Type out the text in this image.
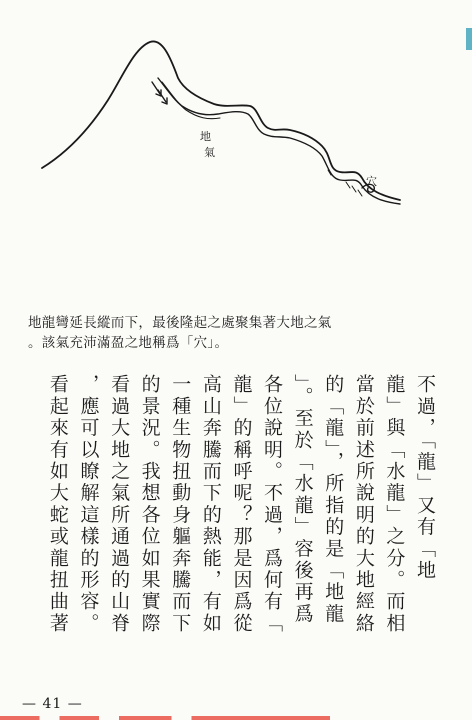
地
氣
穴
地龍彎延長縱而下，最後隆起之處聚集著大地之氣
。該氣充沛滿盈之地稱爲「穴」。
不過，「龍」又有「地
龍」與「水龍」之分。而相
當於前述所說明的大地經絡
的「龍」，所指的是「地龍
」。至於「水龍」容後再爲
各位說明。不過，爲何有「
龍」的稱呼呢？那是因爲從
高山奔騰而下的熱能，有如
一種生物扭動身軀奔騰而下
的景況。我想各位如果實際
看過大地之氣所通過的山脊
，應可以瞭解這樣的形容。
看起來有如大蛇或龍扭曲著
— 41 —
